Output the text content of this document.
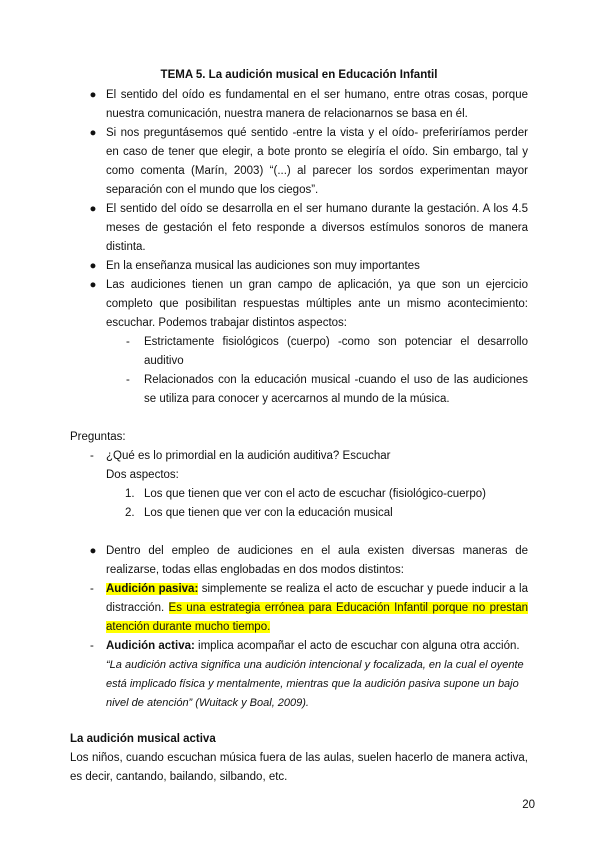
TEMA 5. La audición musical en Educación Infantil

● El sentido del oído es fundamental en el ser humano, entre otras cosas, porque nuestra comunicación, nuestra manera de relacionarnos se basa en él.
● Si nos preguntásemos qué sentido -entre la vista y el oído- preferiríamos perder en caso de tener que elegir, a bote pronto se elegiría el oído. Sin embargo, tal y como comenta (Marín, 2003) “(...) al parecer los sordos experimentan mayor separación con el mundo que los ciegos”.
● El sentido del oído se desarrolla en el ser humano durante la gestación. A los 4.5 meses de gestación el feto responde a diversos estímulos sonoros de manera distinta.
● En la enseñanza musical las audiciones son muy importantes
● Las audiciones tienen un gran campo de aplicación, ya que son un ejercicio completo que posibilitan respuestas múltiples ante un mismo acontecimiento: escuchar. Podemos trabajar distintos aspectos:
- Estrictamente fisiológicos (cuerpo) -como son potenciar el desarrollo auditivo
- Relacionados con la educación musical -cuando el uso de las audiciones se utiliza para conocer y acercarnos al mundo de la música.

Preguntas:

- ¿Qué es lo primordial en la audición auditiva? Escuchar

Dos aspectos:

1. Los que tienen que ver con el acto de escuchar (fisiológico-cuerpo)
2. Los que tienen que ver con la educación musical
● Dentro del empleo de audiciones en el aula existen diversas maneras de realizarse, todas ellas englobadas en dos modos distintos:
- Audición pasiva: simplemente se realiza el acto de escuchar y puede inducir a la distracción. Es una estrategia errónea para Educación Infantil porque no prestan atención durante mucho tiempo.
- Audición activa: implica acompañar el acto de escuchar con alguna otra acción.

“La audición activa significa una audición intencional y focalizada, en la cual el oyente está implicado física y mentalmente, mientras que la audición pasiva supone un bajo nivel de atención” (Wuitack y Boal, 2009).

La audición musical activa

Los niños, cuando escuchan música fuera de las aulas, suelen hacerlo de manera activa, es decir, cantando, bailando, silbando, etc.

20
